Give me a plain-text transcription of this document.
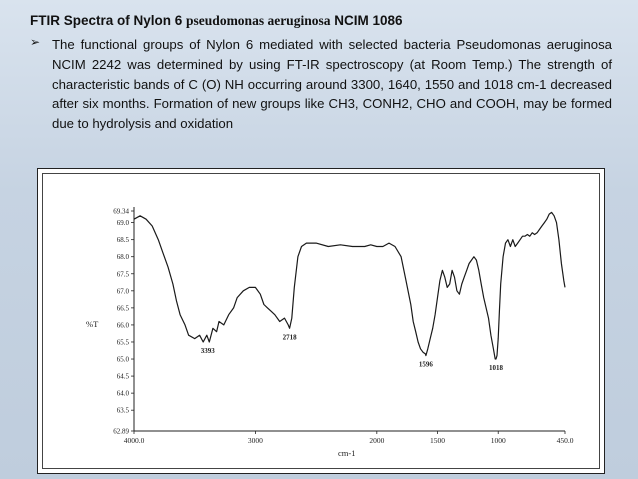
FTIR Spectra of Nylon 6 pseudomonas aeruginosa NCIM 1086
➢ The functional groups of Nylon 6 mediated with selected bacteria Pseudomonas aeruginosa NCIM 2242 was determined by using FT-IR spectroscopy (at Room Temp.) The strength of characteristic bands of C (O) NH occurring around 3300, 1640, 1550 and 1018 cm-1 decreased after six months. Formation of new groups like CH3, CONH2, CHO and COOH, may be formed due to hydrolysis and oxidation
69.34
69.0
68.5
68.0
67.5
67.0
66.5
66.0
65.5
65.0
64.5
64.0
63.5
62.89
4000.0	3000	2000	1500	1000	450.0
3393
2718
1596	1018
%T
cm-1
